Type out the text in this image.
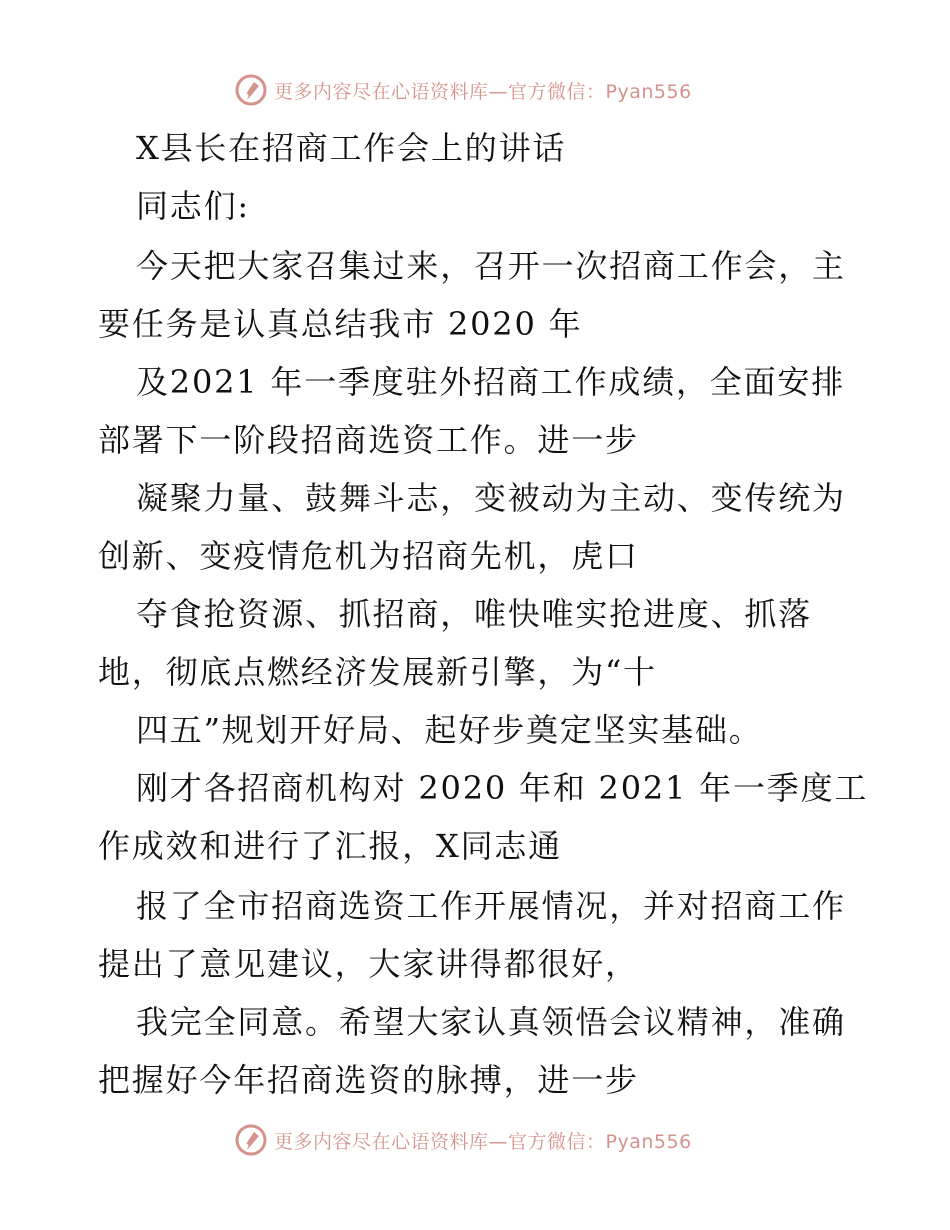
更多内容尽在心语资料库—官方微信：Pyan556
X县长在招商工作会上的讲话
同志们:
今天把大家召集过来，召开一次招商工作会，主
要任务是认真总结我市 2020 年
及2021 年一季度驻外招商工作成绩，全面安排
部署下一阶段招商选资工作。进一步
凝聚力量、鼓舞斗志，变被动为主动、变传统为
创新、变疫情危机为招商先机，虎口
夺食抢资源、抓招商，唯快唯实抢进度、抓落
地，彻底点燃经济发展新引擎，为“十
四五”规划开好局、起好步奠定坚实基础。
刚才各招商机构对 2020 年和 2021 年一季度工
作成效和进行了汇报，X同志通
报了全市招商选资工作开展情况，并对招商工作
提出了意见建议，大家讲得都很好，
我完全同意。希望大家认真领悟会议精神，准确
把握好今年招商选资的脉搏，进一步
更多内容尽在心语资料库—官方微信：Pyan556
